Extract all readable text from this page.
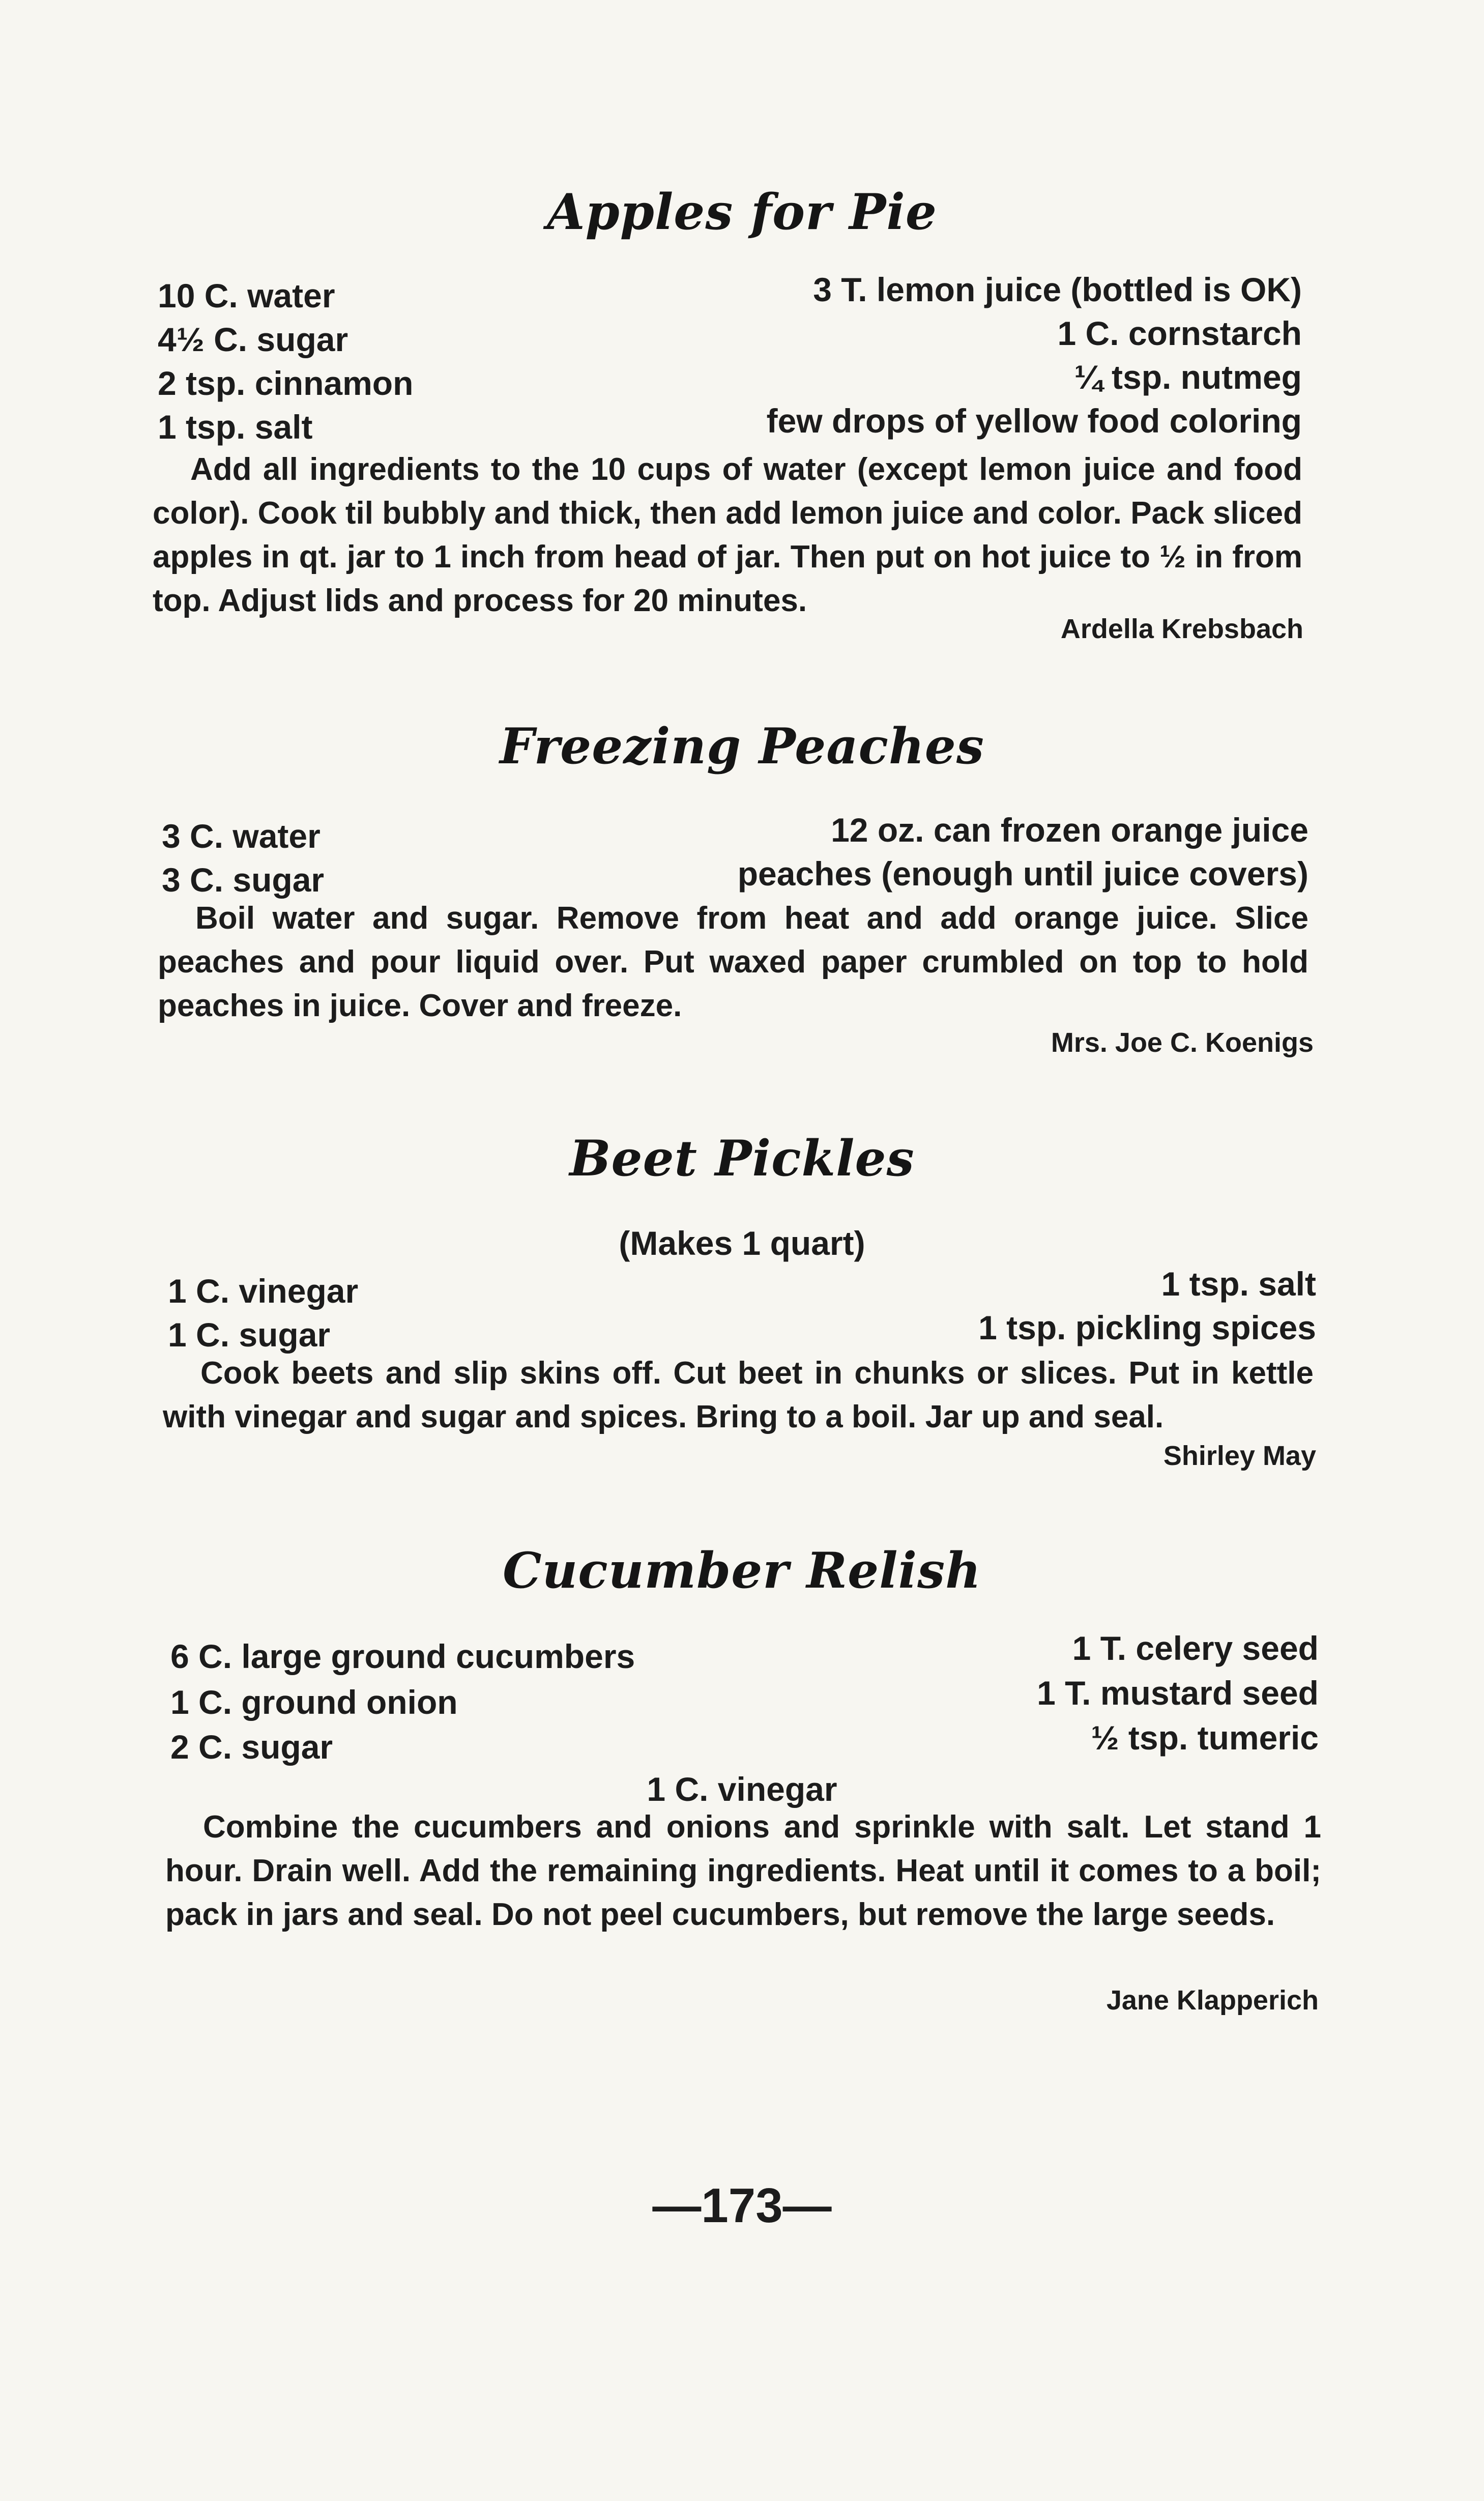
Apples for Pie
10 C. water
4½ C. sugar
2 tsp. cinnamon
1 tsp. salt
3 T. lemon juice (bottled is OK)
1 C. cornstarch
¼ tsp. nutmeg
few drops of yellow food coloring
Add all ingredients to the 10 cups of water (except lemon juice and food color). Cook til bubbly and thick, then add lemon juice and color. Pack sliced apples in qt. jar to 1 inch from head of jar. Then put on hot juice to ½ in from top. Adjust lids and process for 20 minutes.
Ardella Krebsbach
Freezing Peaches
3 C. water
3 C. sugar
12 oz. can frozen orange juice
peaches (enough until juice covers)
Boil water and sugar. Remove from heat and add orange juice. Slice peaches and pour liquid over. Put waxed paper crumbled on top to hold peaches in juice. Cover and freeze.
Mrs. Joe C. Koenigs
Beet Pickles
(Makes 1 quart)
1 C. vinegar
1 C. sugar
1 tsp. salt
1 tsp. pickling spices
Cook beets and slip skins off. Cut beet in chunks or slices. Put in kettle with vinegar and sugar and spices. Bring to a boil. Jar up and seal.
Shirley May
Cucumber Relish
6 C. large ground cucumbers
1 C. ground onion
2 C. sugar
1 T. celery seed
1 T. mustard seed
½ tsp. tumeric
1 C. vinegar
Combine the cucumbers and onions and sprinkle with salt. Let stand 1 hour. Drain well. Add the remaining ingredients. Heat until it comes to a boil; pack in jars and seal. Do not peel cucumbers, but remove the large seeds.
Jane Klapperich
—173—
